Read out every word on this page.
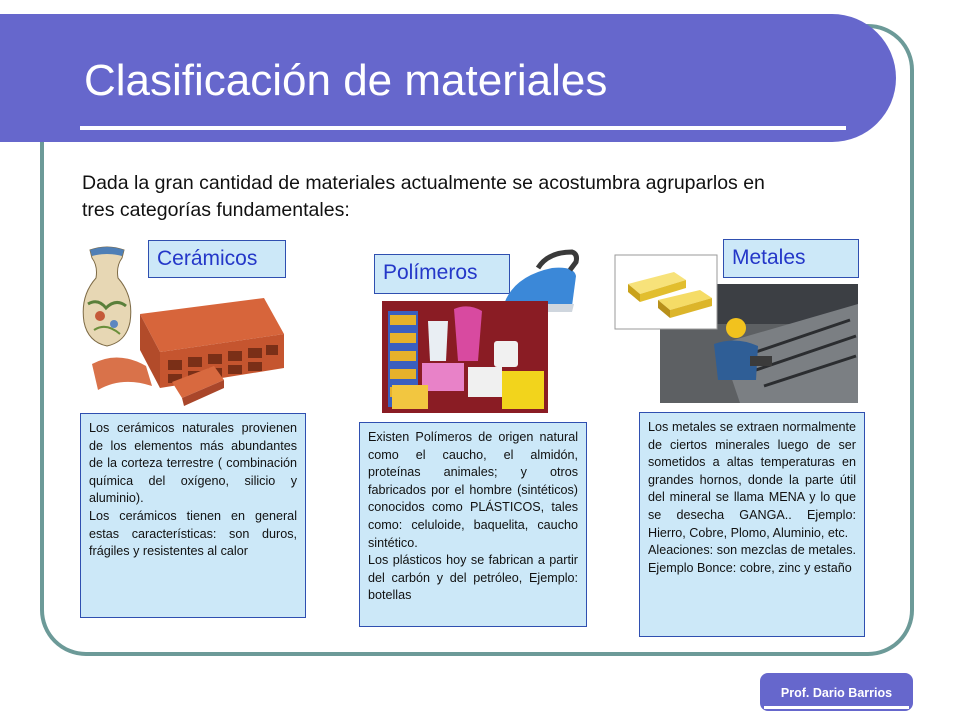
Clasificación de materiales
Dada la gran cantidad de materiales actualmente se acostumbra agruparlos en tres categorías fundamentales:
Cerámicos

Los cerámicos naturales provienen de los elementos más abundantes de la corteza terrestre ( combinación química del oxígeno, silicio y aluminio).

Los cerámicos tienen en general estas características: son duros, frágiles y resistentes al calor

Polímeros

Existen Polímeros de origen natural como el caucho, el almidón, proteínas animales; y otros fabricados por el hombre (sintéticos) conocidos como PLÁSTICOS, tales como: celuloide, baquelita, caucho sintético.

Los plásticos hoy se fabrican a partir del carbón y del petróleo, Ejemplo: botellas

Metales

Los metales se extraen normalmente de ciertos minerales luego de ser sometidos a altas temperaturas en grandes hornos, donde la parte útil del mineral se llama MENA y lo que se desecha GANGA.. Ejemplo: Hierro, Cobre, Plomo, Aluminio, etc.

Aleaciones: son mezclas de metales. Ejemplo Bonce: cobre, zinc y estaño

Prof. Dario Barrios
